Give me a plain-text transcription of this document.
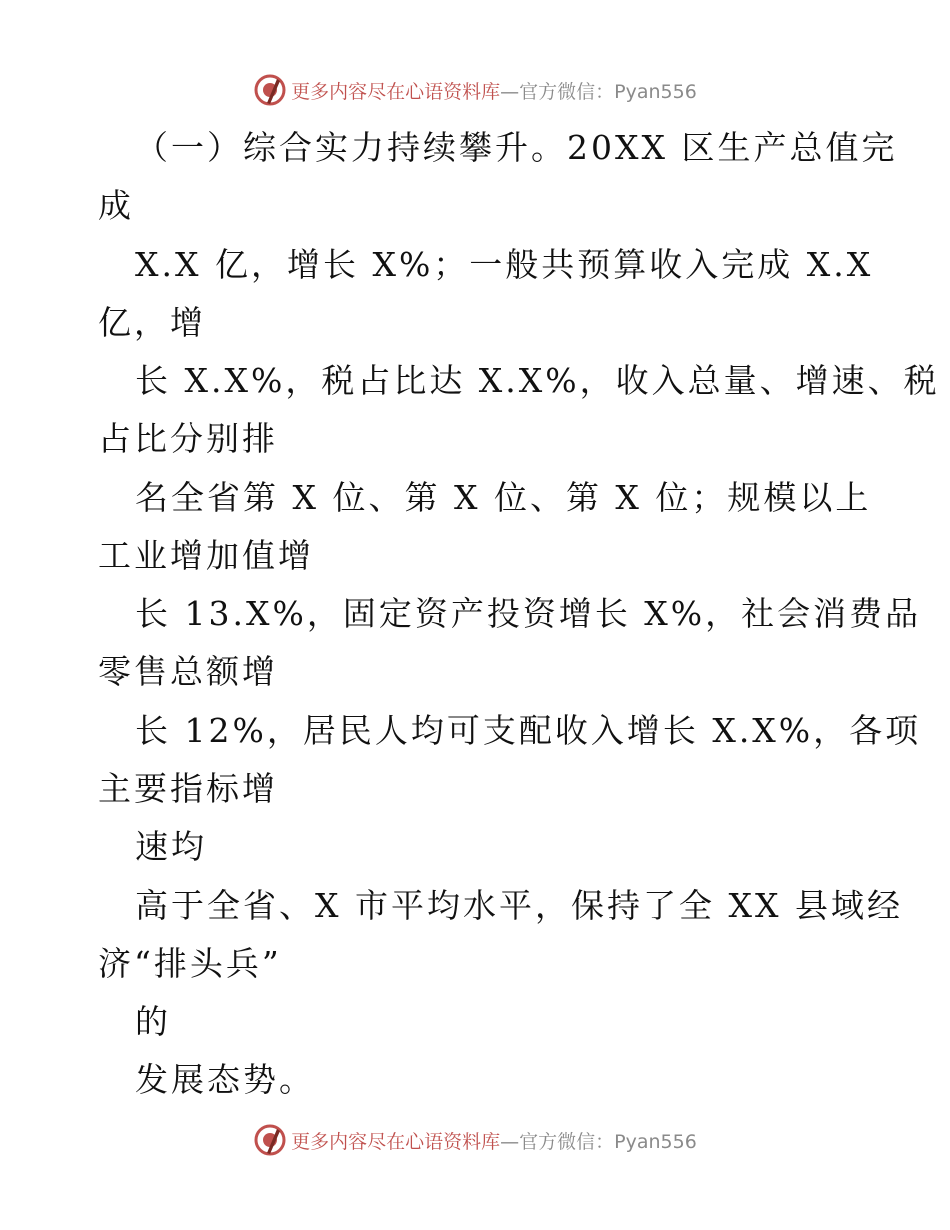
更多内容尽在心语资料库—官方微信：Pyan556
（一）综合实力持续攀升。20XX 区生产总值完
成
X.X 亿，增长 X%；一般共预算收入完成 X.X
亿，增
长 X.X%，税占比达 X.X%，收入总量、增速、税
占比分别排
名全省第 X 位、第 X 位、第 X 位；规模以上
工业增加值增
长 13.X%，固定资产投资增长 X%，社会消费品
零售总额增
长 12%，居民人均可支配收入增长 X.X%，各项
主要指标增
速均
高于全省、X 市平均水平，保持了全 XX 县域经
济“排头兵”
的
发展态势。
更多内容尽在心语资料库—官方微信：Pyan556
